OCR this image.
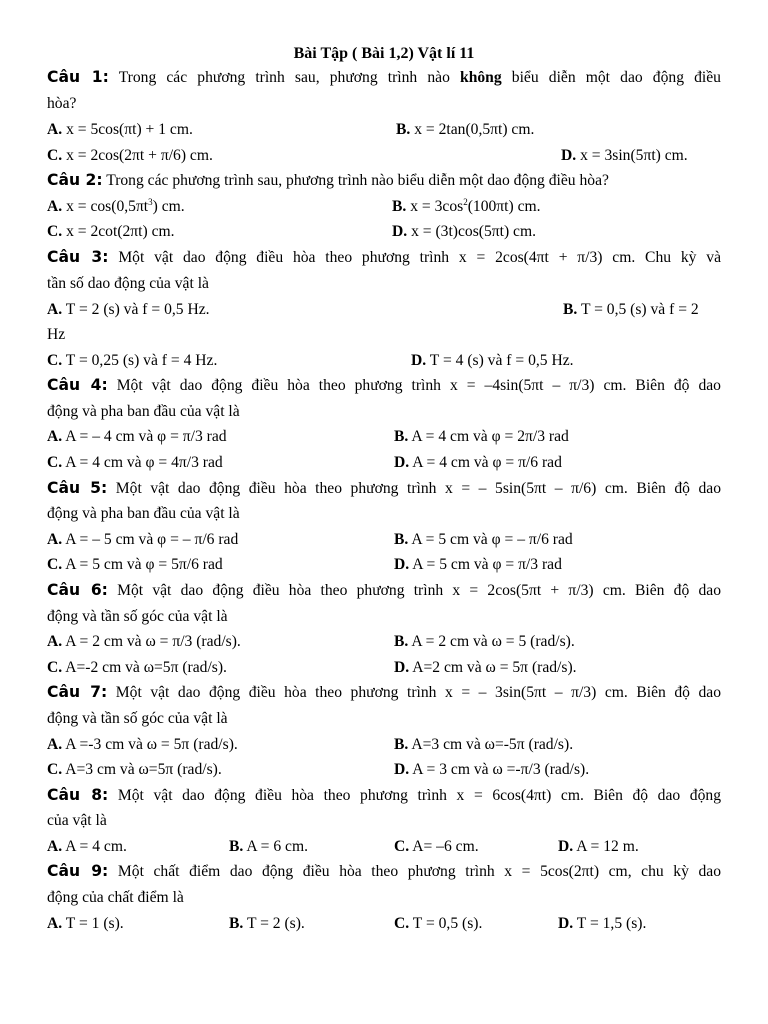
Bài Tập ( Bài 1,2) Vật lí 11
Câu 1: Trong các phương trình sau, phương trình nào không biểu diễn một dao động điều
hòa?
A. x = 5cos(πt) + 1 cm.	B. x = 2tan(0,5πt) cm.
C. x = 2cos(2πt + π/6) cm.	D. x = 3sin(5πt) cm.
Câu 2: Trong các phương trình sau, phương trình nào biểu diễn một dao động điều hòa?
A. $x = \cos(0,5\pi t^3)$ cm.	B. $x = 3\cos^2(100\pi t)$ cm.
C. x = 2cot(2πt) cm.	D. x = (3t)cos(5πt) cm.
Câu 3: Một vật dao động điều hòa theo phương trình x = 2cos(4πt + π/3) cm. Chu kỳ và
tần số dao động của vật là
A. T = 2 (s) và f = 0,5 Hz.	B. T = 0,5 (s) và f = 2
Hz
C. T = 0,25 (s) và f = 4 Hz.	D. T = 4 (s) và f = 0,5 Hz.
Câu 4: Một vật dao động điều hòa theo phương trình x = –4sin(5πt – π/3) cm. Biên độ dao
động và pha ban đầu của vật là
A. A = – 4 cm và φ = π/3 rad	B. A = 4 cm và φ = 2π/3 rad
C. A = 4 cm và φ = 4π/3 rad	D. A = 4 cm và φ = π/6 rad
Câu 5: Một vật dao động điều hòa theo phương trình x = – 5sin(5πt – π/6) cm. Biên độ dao
động và pha ban đầu của vật là
A. A = – 5 cm và φ = – π/6 rad	B. A = 5 cm và φ = – π/6 rad
C. A = 5 cm và φ = 5π/6 rad	D. A = 5 cm và φ = π/3 rad
Câu 6: Một vật dao động điều hòa theo phương trình x = 2cos(5πt + π/3) cm. Biên độ dao
động và tần số góc của vật là
A. A = 2 cm và ω = π/3 (rad/s).	B. A = 2 cm và ω = 5 (rad/s).
C. A=-2 cm và ω=5π (rad/s).	D. A=2 cm và ω = 5π (rad/s).
Câu 7: Một vật dao động điều hòa theo phương trình x = – 3sin(5πt – π/3) cm. Biên độ dao
động và tần số góc của vật là
A. A =-3 cm và ω = 5π (rad/s).	B. A=3 cm và ω=-5π (rad/s).
C. A=3 cm và ω=5π (rad/s).	D. A = 3 cm và ω =-π/3 (rad/s).
Câu 8: Một vật dao động điều hòa theo phương trình x = 6cos(4πt) cm. Biên độ dao động
của vật là
A. A = 4 cm.	B. A = 6 cm.	C. A= –6 cm.	D. A = 12 m.
Câu 9: Một chất điểm dao động điều hòa theo phương trình x = 5cos(2πt) cm, chu kỳ dao
động của chất điểm là
A. T = 1 (s).	B. T = 2 (s).	C. T = 0,5 (s).	D. T = 1,5 (s).
